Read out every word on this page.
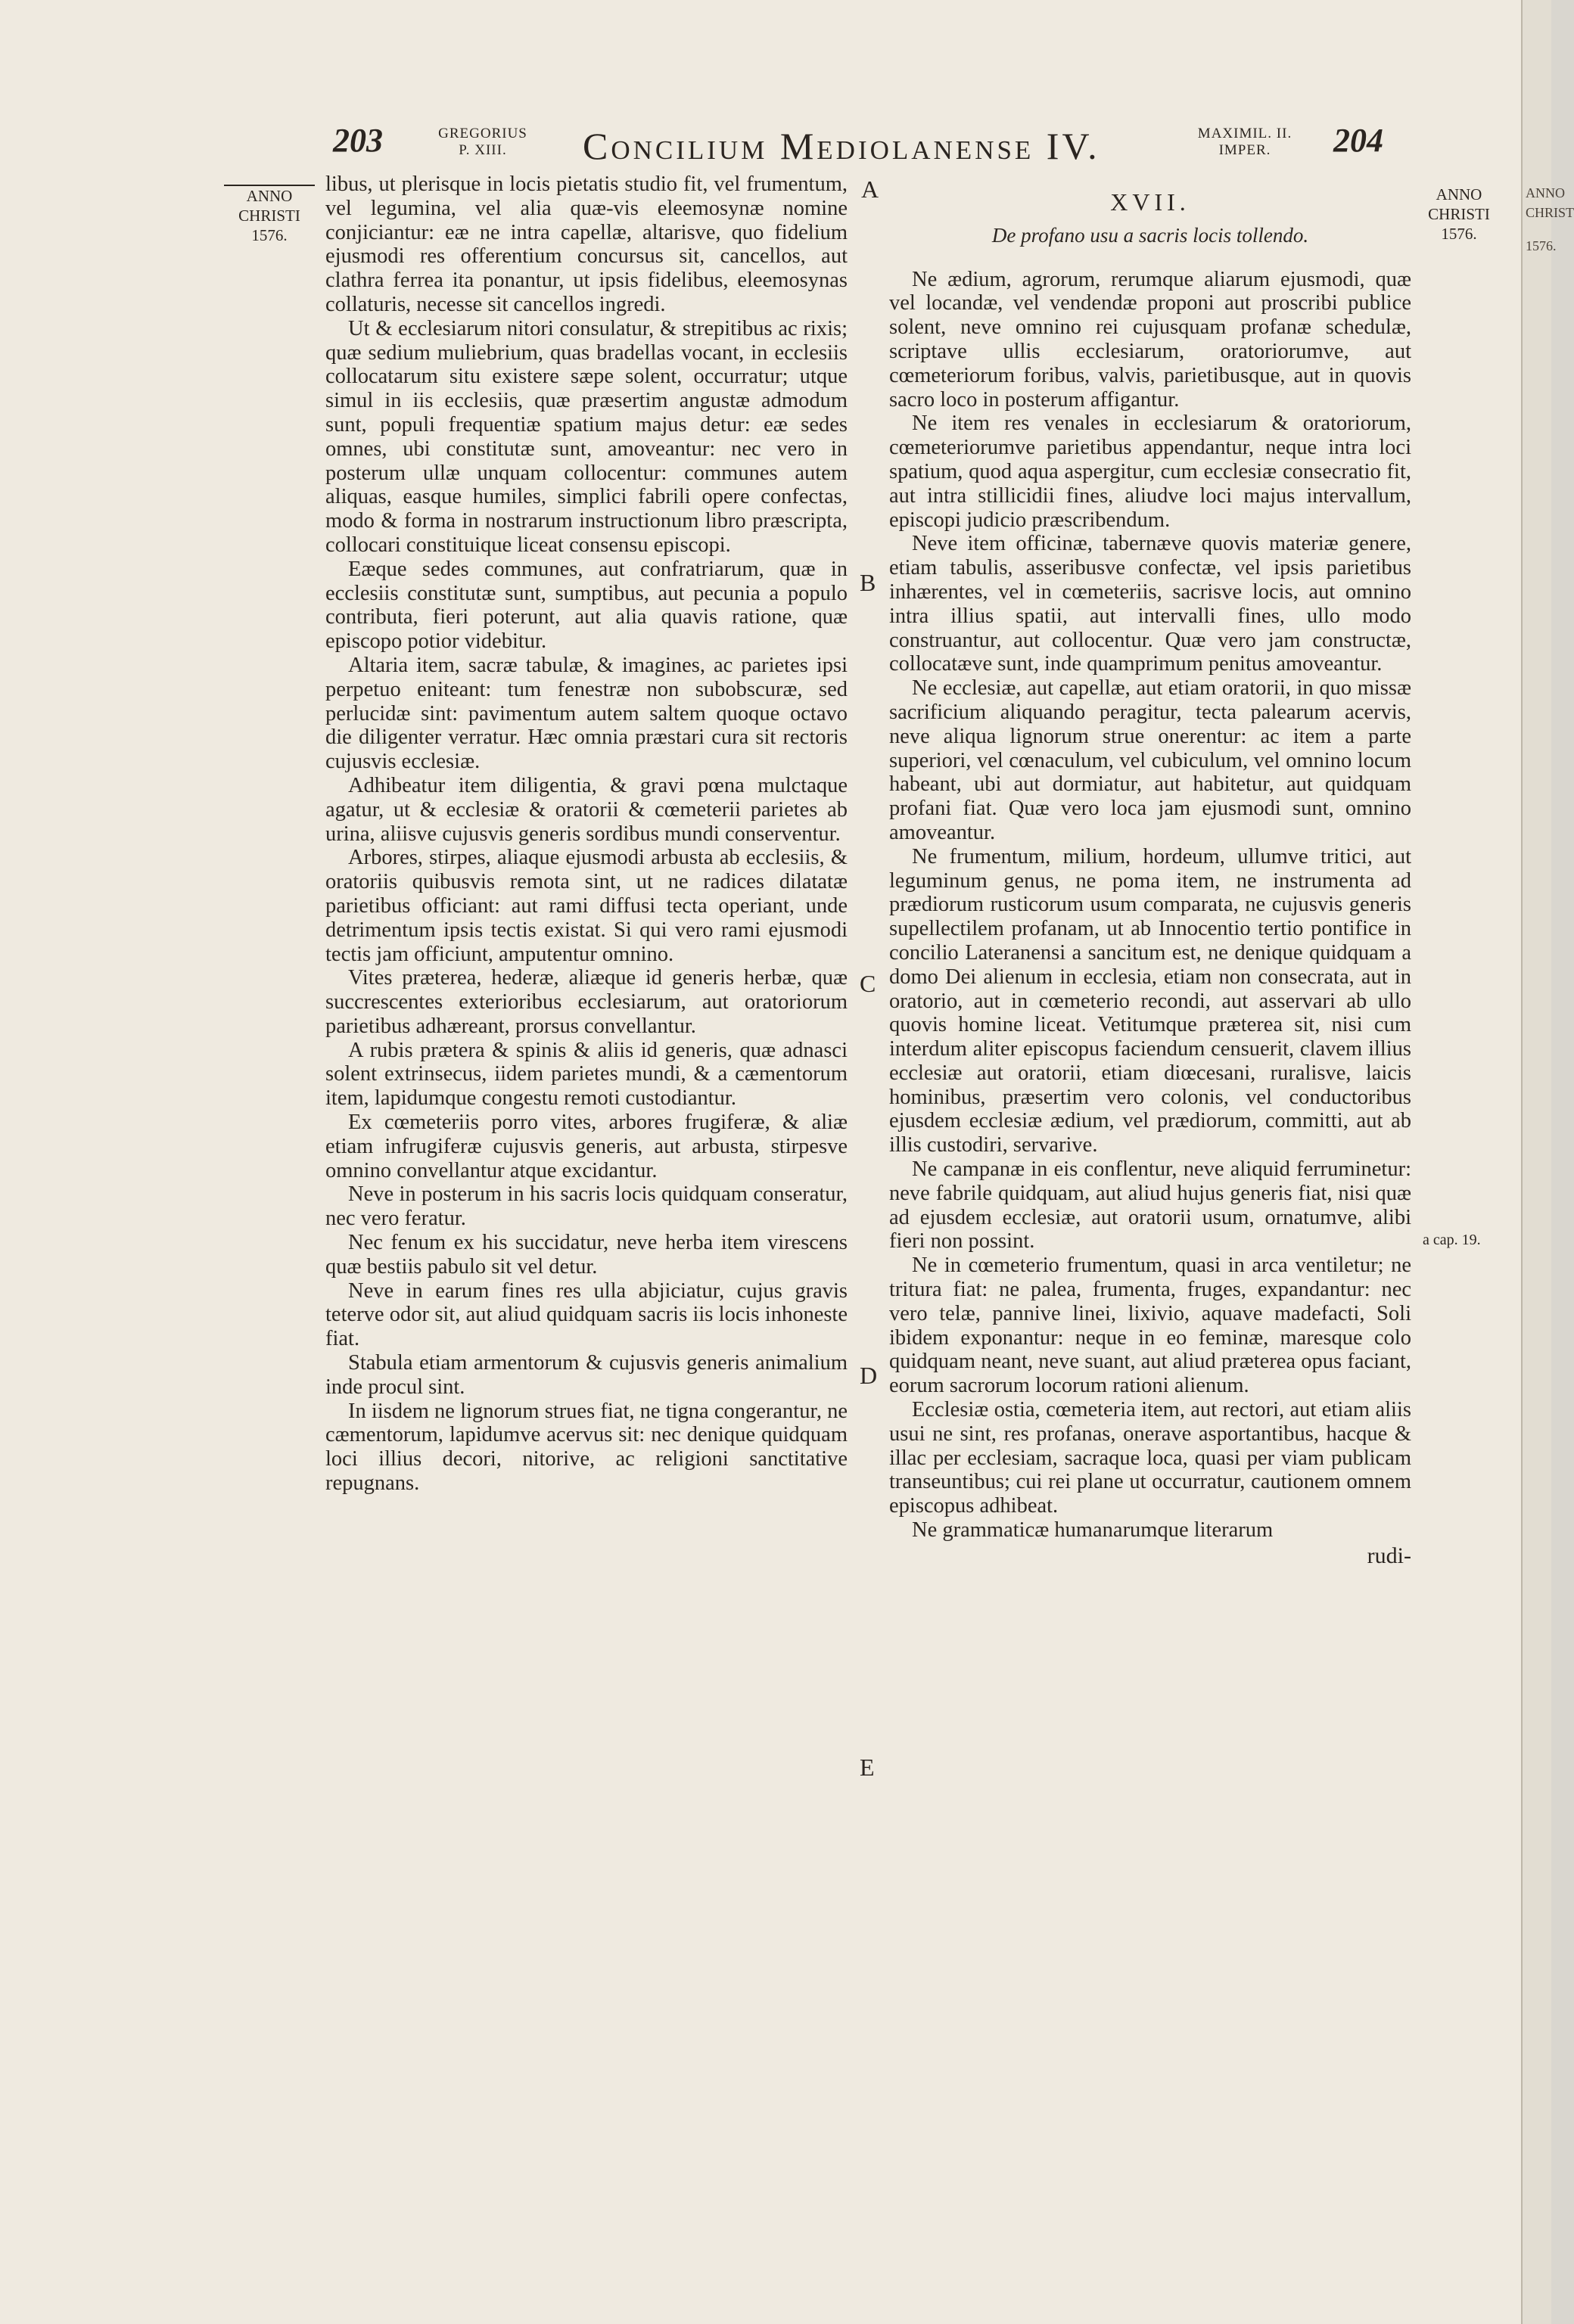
203	GREGORIUS
P. XIII.	Concilium Mediolanense IV.	MAXIMIL. II.
IMPER.	204
ANNO
CHRISTI
1576.
ANNO
CHRISTI
1576.
A
B
C
D
E
a cap. 19.

libus, ut plerisque in locis pietatis studio fit, vel frumentum, vel legumina, vel alia quæ-vis eleemosynæ nomine conjiciantur: eæ ne intra capellæ, altarisve, quo fidelium ejusmodi res offerentium concursus sit, cancellos, aut clathra ferrea ita ponantur, ut ipsis fidelibus, eleemosynas collaturis, necesse sit cancellos ingredi.

Ut & ecclesiarum nitori consulatur, & strepitibus ac rixis; quæ sedium muliebrium, quas bradellas vocant, in ecclesiis collocatarum situ existere sæpe solent, occurratur; utque simul in iis ecclesiis, quæ præsertim angustæ admodum sunt, populi frequentiæ spatium majus detur: eæ sedes omnes, ubi constitutæ sunt, amoveantur: nec vero in posterum ullæ unquam collocentur: communes autem aliquas, easque humiles, simplici fabrili opere confectas, modo & forma in nostrarum instructionum libro præscripta, collocari constituique liceat consensu episcopi.

Eæque sedes communes, aut confratriarum, quæ in ecclesiis constitutæ sunt, sumptibus, aut pecunia a populo contributa, fieri poterunt, aut alia quavis ratione, quæ episcopo potior videbitur.

Altaria item, sacræ tabulæ, & imagines, ac parietes ipsi perpetuo eniteant: tum fenestræ non subobscuræ, sed perlucidæ sint: pavimentum autem saltem quoque octavo die diligenter verratur. Hæc omnia præstari cura sit rectoris cujusvis ecclesiæ.

Adhibeatur item diligentia, & gravi pœna mulctaque agatur, ut & ecclesiæ & oratorii & cœmeterii parietes ab urina, aliisve cujusvis generis sordibus mundi conserventur.

Arbores, stirpes, aliaque ejusmodi arbusta ab ecclesiis, & oratoriis quibusvis remota sint, ut ne radices dilatatæ parietibus officiant: aut rami diffusi tecta operiant, unde detrimentum ipsis tectis existat. Si qui vero rami ejusmodi tectis jam officiunt, amputentur omnino.

Vites præterea, hederæ, aliæque id generis herbæ, quæ succrescentes exterioribus ecclesiarum, aut oratoriorum parietibus adhæreant, prorsus convellantur.

A rubis prætera & spinis & aliis id generis, quæ adnasci solent extrinsecus, iidem parietes mundi, & a cæmentorum item, lapidumque congestu remoti custodiantur.

Ex cœmeteriis porro vites, arbores frugiferæ, & aliæ etiam infrugiferæ cujusvis generis, aut arbusta, stirpesve omnino convellantur atque excidantur.

Neve in posterum in his sacris locis quidquam conseratur, nec vero feratur.

Nec fenum ex his succidatur, neve herba item virescens quæ bestiis pabulo sit vel detur.

Neve in earum fines res ulla abjiciatur, cujus gravis teterve odor sit, aut aliud quidquam sacris iis locis inhoneste fiat.

Stabula etiam armentorum & cujusvis generis animalium inde procul sint.

In iisdem ne lignorum strues fiat, ne tigna congerantur, ne cæmentorum, lapidumve acervus sit: nec denique quidquam loci illius decori, nitorive, ac religioni sanctitative repugnans.

XVII.
De profano usu a sacris locis tollendo.

Ne ædium, agrorum, rerumque aliarum ejusmodi, quæ vel locandæ, vel vendendæ proponi aut proscribi publice solent, neve omnino rei cujusquam profanæ schedulæ, scriptave ullis ecclesiarum, oratoriorumve, aut cœmeteriorum foribus, valvis, parietibusque, aut in quovis sacro loco in posterum affigantur.

Ne item res venales in ecclesiarum & oratoriorum, cœmeteriorumve parietibus appendantur, neque intra loci spatium, quod aqua aspergitur, cum ecclesiæ consecratio fit, aut intra stillicidii fines, aliudve loci majus intervallum, episcopi judicio præscribendum.

Neve item officinæ, tabernæve quovis materiæ genere, etiam tabulis, asseribusve confectæ, vel ipsis parietibus inhærentes, vel in cœmeteriis, sacrisve locis, aut omnino intra illius spatii, aut intervalli fines, ullo modo construantur, aut collocentur. Quæ vero jam constructæ, collocatæve sunt, inde quamprimum penitus amoveantur.

Ne ecclesiæ, aut capellæ, aut etiam oratorii, in quo missæ sacrificium aliquando peragitur, tecta palearum acervis, neve aliqua lignorum strue onerentur: ac item a parte superiori, vel cœnaculum, vel cubiculum, vel omnino locum habeant, ubi aut dormiatur, aut habitetur, aut quidquam profani fiat. Quæ vero loca jam ejusmodi sunt, omnino amoveantur.

Ne frumentum, milium, hordeum, ullumve tritici, aut leguminum genus, ne poma item, ne instrumenta ad prædiorum rusticorum usum comparata, ne cujusvis generis supellectilem profanam, ut ab Innocentio tertio pontifice in concilio Lateranensi a sancitum est, ne denique quidquam a domo Dei alienum in ecclesia, etiam non consecrata, aut in oratorio, aut in cœmeterio recondi, aut asservari ab ullo quovis homine liceat. Vetitumque præterea sit, nisi cum interdum aliter episcopus faciendum censuerit, clavem illius ecclesiæ aut oratorii, etiam diœcesani, ruralisve, laicis hominibus, præsertim vero colonis, vel conductoribus ejusdem ecclesiæ ædium, vel prædiorum, committi, aut ab illis custodiri, servarive.

Ne campanæ in eis conflentur, neve aliquid ferruminetur: neve fabrile quidquam, aut aliud hujus generis fiat, nisi quæ ad ejusdem ecclesiæ, aut oratorii usum, ornatumve, alibi fieri non possint.

Ne in cœmeterio frumentum, quasi in arca ventiletur; ne tritura fiat: ne palea, frumenta, fruges, expandantur: nec vero telæ, pannive linei, lixivio, aquave madefacti, Soli ibidem exponantur: neque in eo feminæ, maresque colo quidquam neant, neve suant, aut aliud præterea opus faciant, eorum sacrorum locorum rationi alienum.

Ecclesiæ ostia, cœmeteria item, aut rectori, aut etiam aliis usui ne sint, res profanas, onerave asportantibus, hacque & illac per ecclesiam, sacraque loca, quasi per viam publicam transeuntibus; cui rei plane ut occurratur, cautionem omnem episcopus adhibeat.

Ne grammaticæ humanarumque literarum

rudi-
ANNO
CHRIST
1576.
